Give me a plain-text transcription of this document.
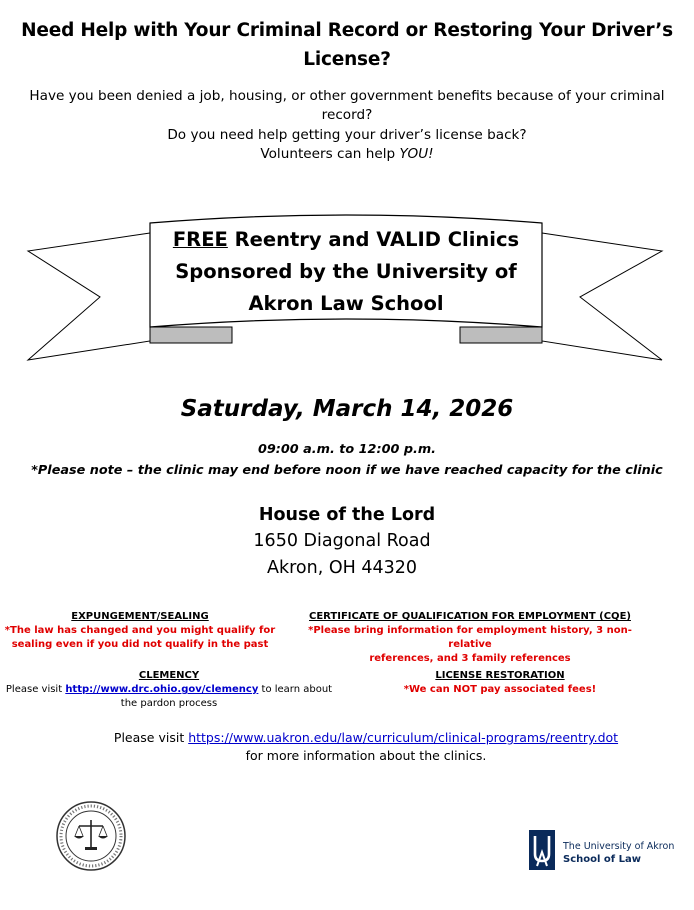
Need Help with Your Criminal Record or Restoring Your Driver’s
License?
Have you been denied a job, housing, or other government benefits because of your criminal
record?
Do you need help getting your driver’s license back?
Volunteers can help YOU!
FREE Reentry and VALID Clinics
Sponsored by the University of
Akron Law School
Saturday, March 14, 2026
09:00 a.m. to 12:00 p.m.
*Please note – the clinic may end before noon if we have reached capacity for the clinic
House of the Lord
1650 Diagonal Road
Akron, OH 44320
EXPUNGEMENT/SEALING
*The law has changed and you might qualify for
sealing even if you did not qualify in the past
CERTIFICATE OF QUALIFICATION FOR EMPLOYMENT (CQE)
*Please bring information for employment history, 3 non-relative
references, and 3 family references
CLEMENCY
Please visit http://www.drc.ohio.gov/clemency to learn about
the pardon process
LICENSE RESTORATION
*We can NOT pay associated fees!
Please visit https://www.uakron.edu/law/curriculum/clinical-programs/reentry.dot
for more information about the clinics.
The University of Akron
School of Law
